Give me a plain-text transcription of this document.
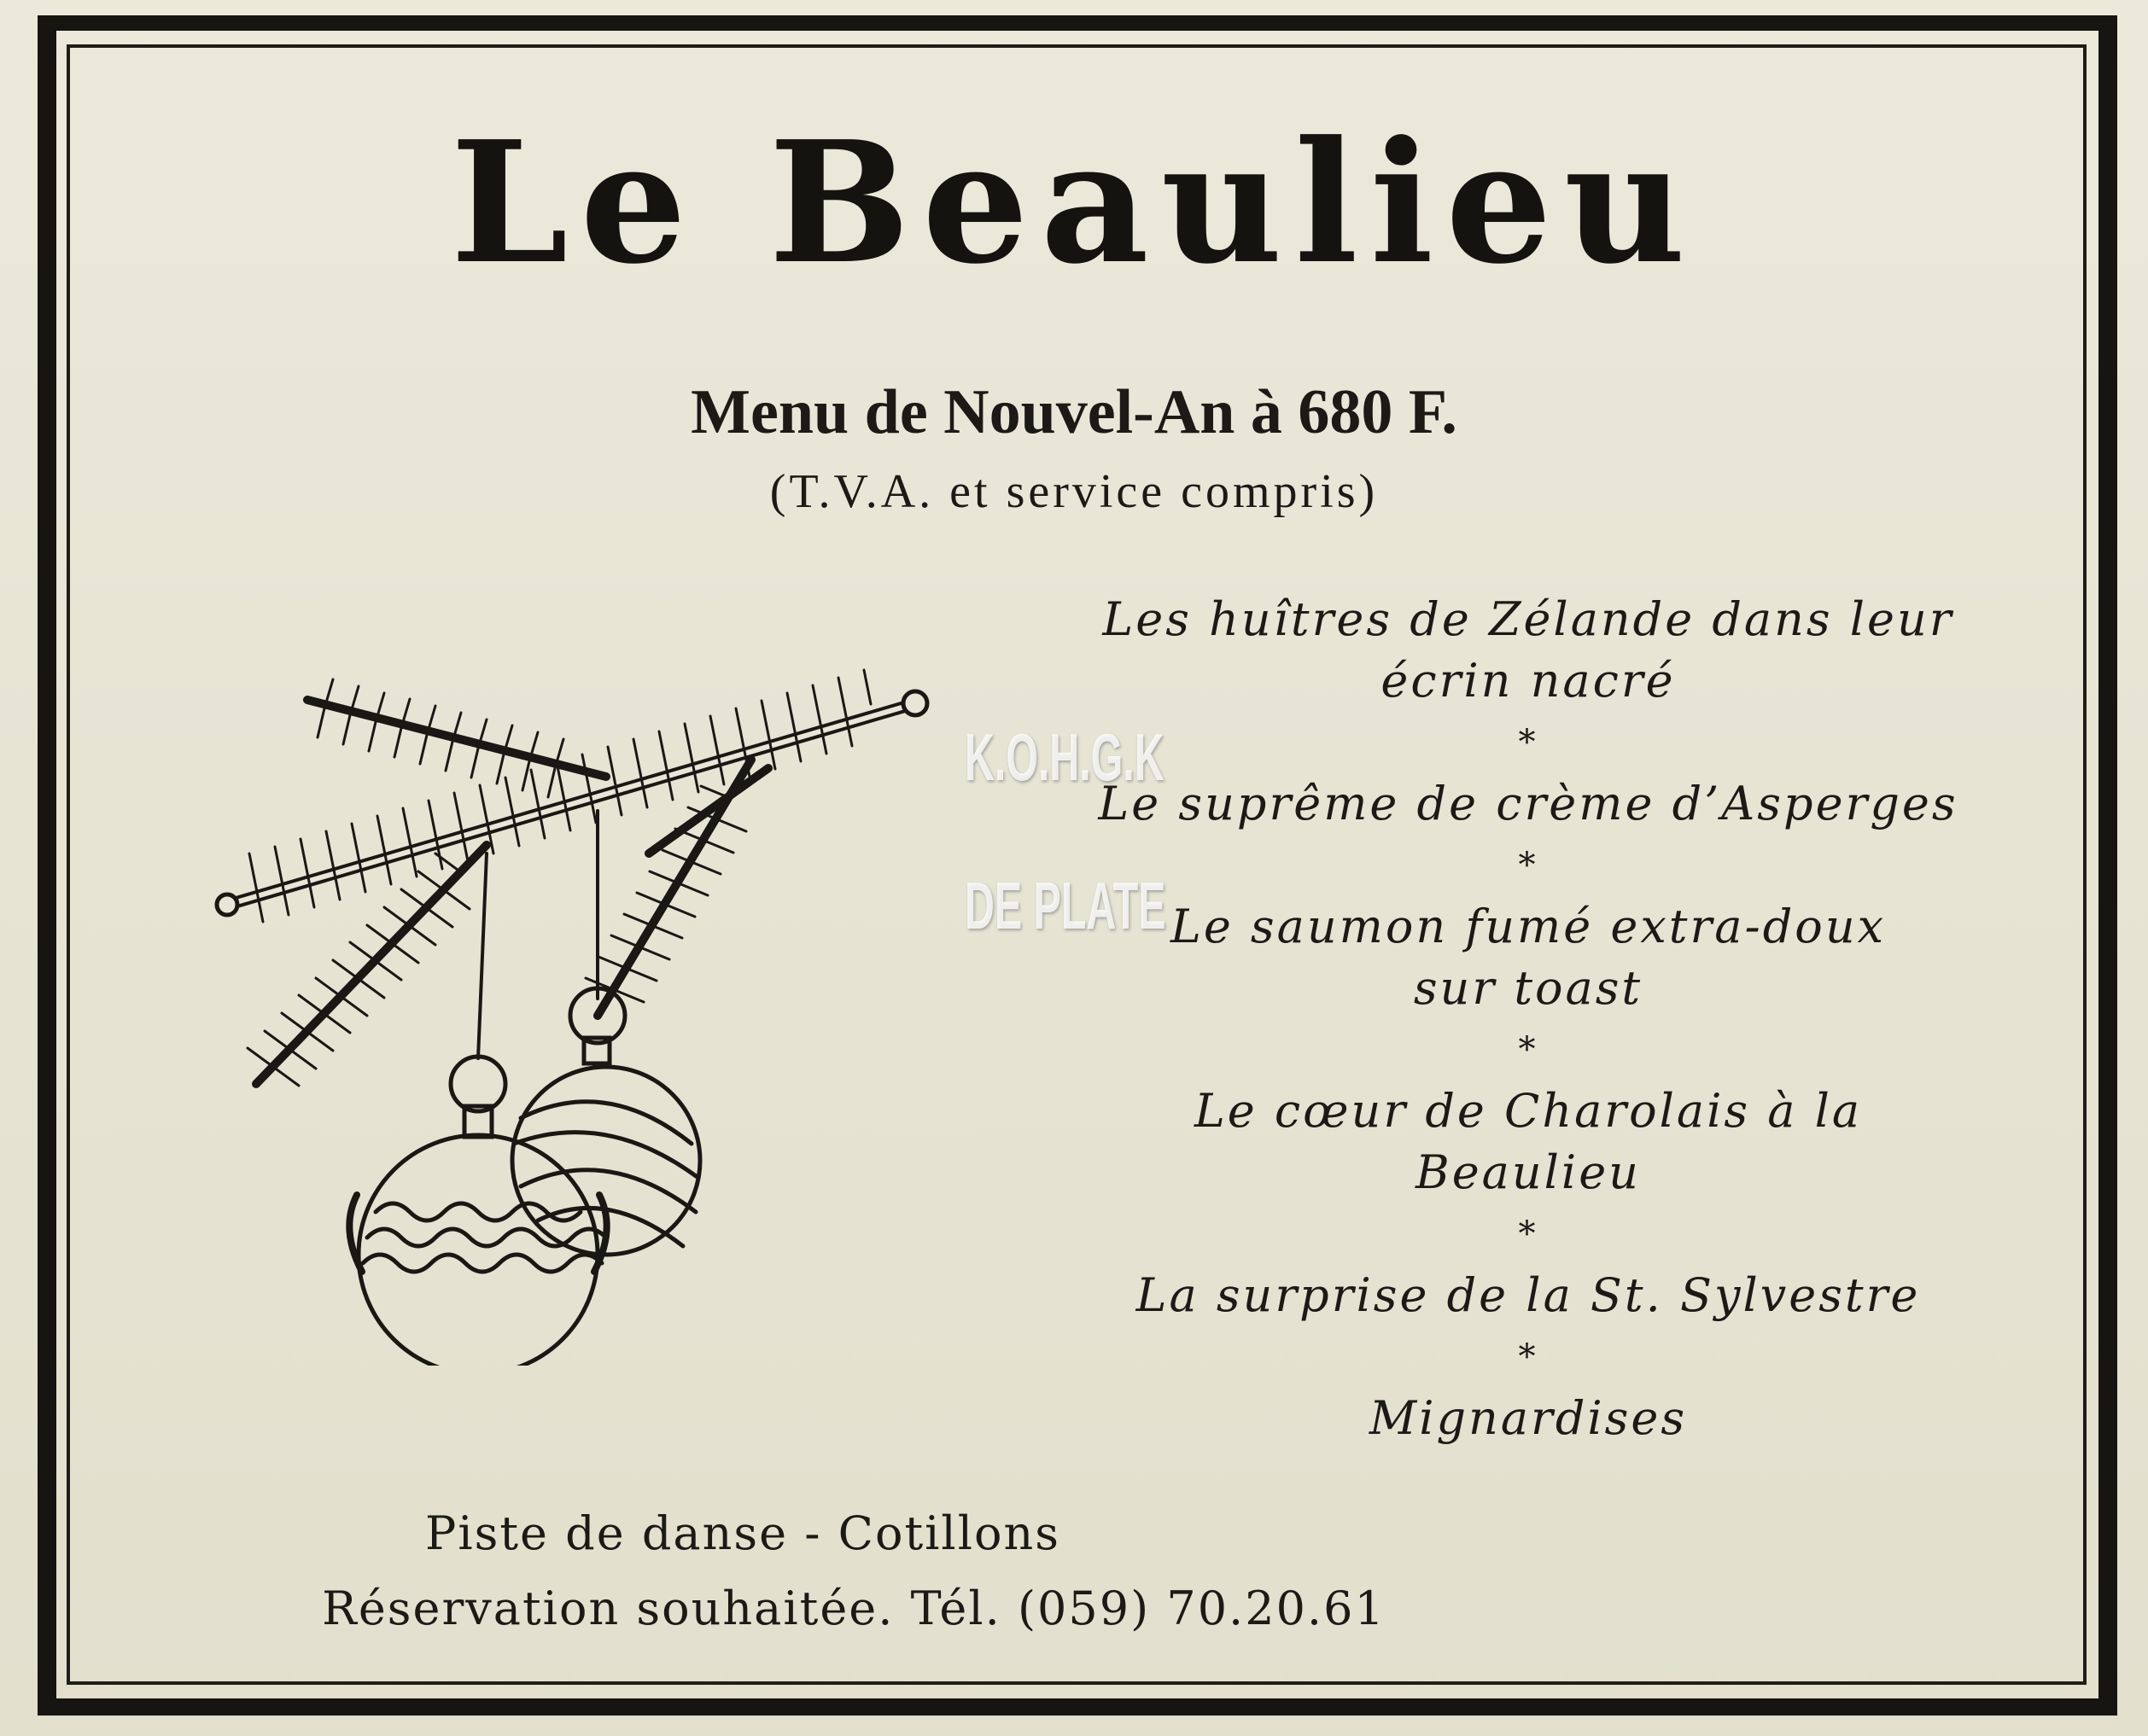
Le Beaulieu
Menu de Nouvel-An à 680 F.
(T.V.A. et service compris)

Les huîtres de Zélande dans leur

écrin nacré

*

Le suprême de crème d’Asperges

*

Le saumon fumé extra-doux

sur toast

*

Le cœur de Charolais à la

Beaulieu

*

La surprise de la St. Sylvestre

*

Mignardises

K.O.H.G.K
DE PLATE
Piste de danse - Cotillons
Réservation souhaitée. Tél. (059) 70.20.61
